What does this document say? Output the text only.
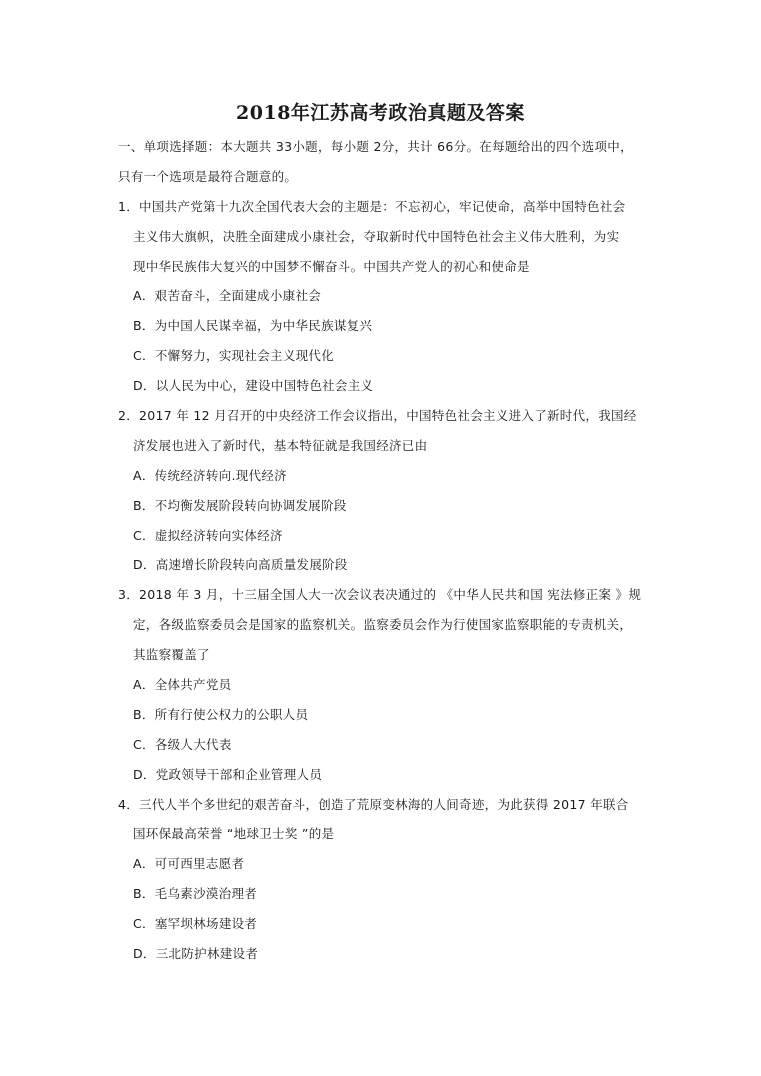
2018年江苏高考政治真题及答案
一、单项选择题：本大题共 33小题，每小题 2分，共计 66分。在每题给出的四个选项中，
只有一个选项是最符合题意的。
1．中国共产党第十九次全国代表大会的主题是：不忘初心，牢记使命，高举中国特色社会
主义伟大旗帜，决胜全面建成小康社会，夺取新时代中国特色社会主义伟大胜利，为实
现中华民族伟大复兴的中国梦不懈奋斗。中国共产党人的初心和使命是
A．艰苦奋斗，全面建成小康社会
B．为中国人民谋幸福，为中华民族谋复兴
C．不懈努力，实现社会主义现代化
D．以人民为中心，建设中国特色社会主义
2．2017 年 12 月召开的中央经济工作会议指出，中国特色社会主义进入了新时代，我国经
济发展也进入了新时代，基本特征就是我国经济已由
A．传统经济转向.现代经济
B．不均衡发展阶段转向协调发展阶段
C．虚拟经济转向实体经济
D．高速增长阶段转向高质量发展阶段
3．2018 年 3 月，十三届全国人大一次会议表决通过的 《中华人民共和国 宪法修正案 》规
定，各级监察委员会是国家的监察机关。监察委员会作为行使国家监察职能的专责机关，
其监察覆盖了
A．全体共产党员
B．所有行使公权力的公职人员
C．各级人大代表
D．党政领导干部和企业管理人员
4．三代人半个多世纪的艰苦奋斗，创造了荒原变林海的人间奇迹，为此获得 2017 年联合
国环保最高荣誉 “地球卫士奖 ”的是
A．可可西里志愿者
B．毛乌素沙漠治理者
C．塞罕坝林场建设者
D．三北防护林建设者
